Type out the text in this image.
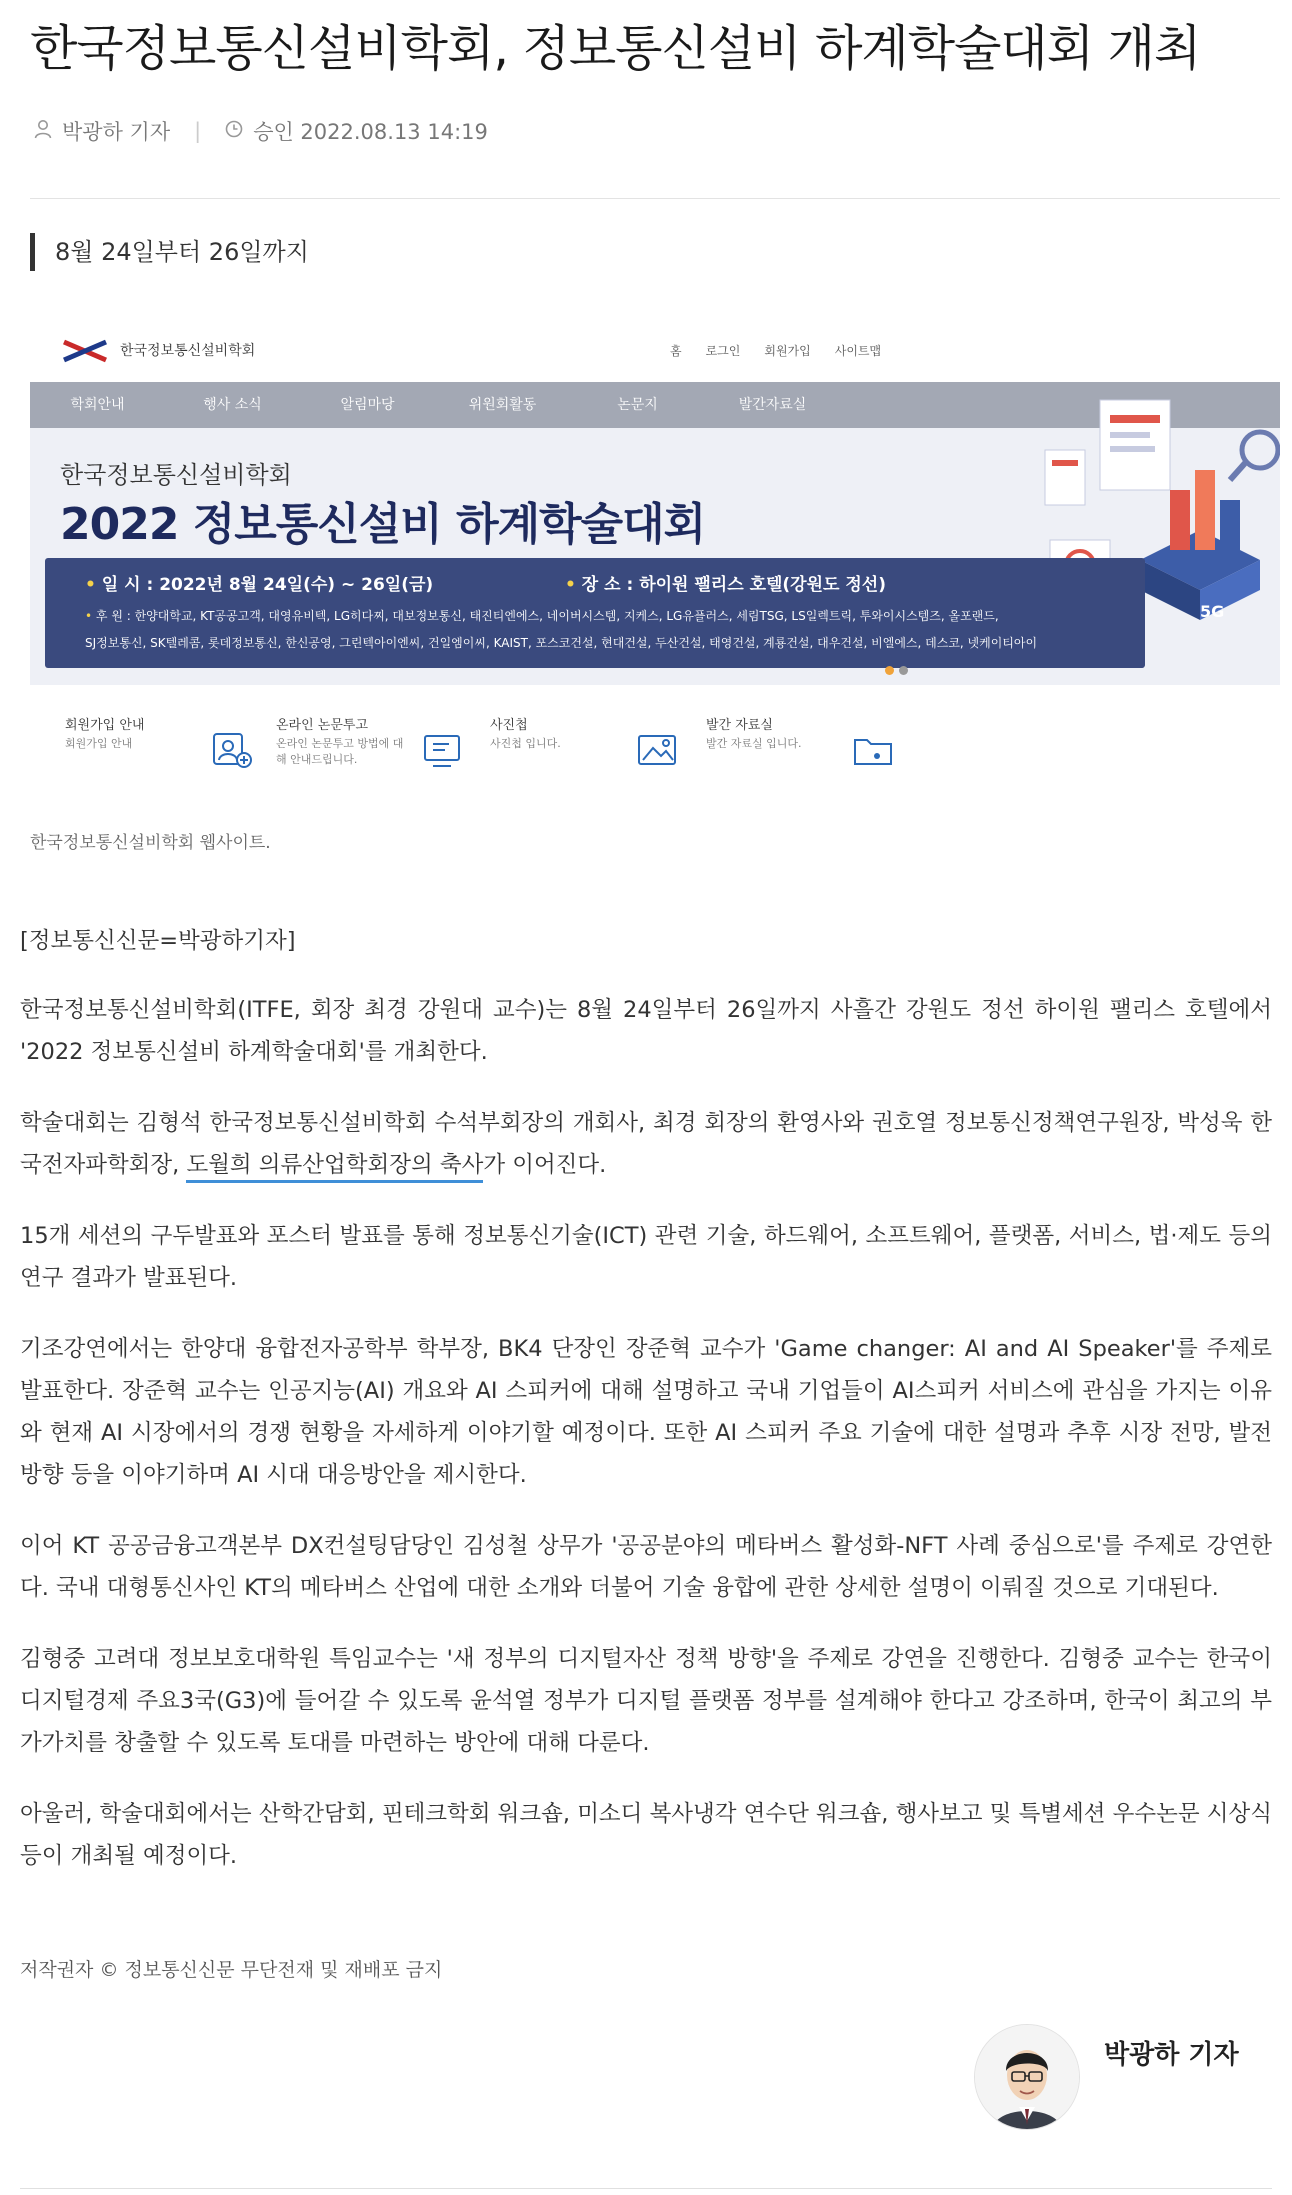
한국정보통신설비학회, 정보통신설비 하계학술대회 개최
박광하 기자 | 승인 2022.08.13 14:19
8월 24일부터 26일까지
한국정보통신설비학회	홈 로그인 회원가입 사이트맵
학회안내	행사 소식	알림마당	위원회활동	논문지	발간자료실
한국정보통신설비학회
2022 정보통신설비 하계학술대회
• 일 시 : 2022년 8월 24일(수) ~ 26일(금)	• 장 소 : 하이원 팰리스 호텔(강원도 정선)
• 후 원 : 한양대학교, KT공공고객, 대영유비텍, LG히다찌, 대보정보통신, 태진티엔에스, 네이버시스템, 지케스, LG유플러스, 세림TSG, LS일렉트릭, 투와이시스템즈, 올포랜드,
SJ정보통신, SK텔레콤, 롯데정보통신, 한신공영, 그린텍아이엔씨, 건일엠이씨, KAIST, 포스코건설, 현대건설, 두산건설, 태영건설, 계룡건설, 대우건설, 비엘에스, 데스코, 넷케이티아이
5G
회원가입 안내
회원가입 안내
온라인 논문투고
온라인 논문투고 방법에 대해 안내드립니다.
사진첩
사진첩 입니다.
발간 자료실
발간 자료실 입니다.
한국정보통신설비학회 웹사이트.

[정보통신신문=박광하기자]

한국정보통신설비학회(ITFE, 회장 최경 강원대 교수)는 8월 24일부터 26일까지 사흘간 강원도 정선 하이원 팰리스 호텔에서 '2022 정보통신설비 하계학술대회'를 개최한다.

학술대회는 김형석 한국정보통신설비학회 수석부회장의 개회사, 최경 회장의 환영사와 권호열 정보통신정책연구원장, 박성욱 한국전자파학회장, 도월희 의류산업학회장의 축사가 이어진다.

15개 세션의 구두발표와 포스터 발표를 통해 정보통신기술(ICT) 관련 기술, 하드웨어, 소프트웨어, 플랫폼, 서비스, 법·제도 등의 연구 결과가 발표된다.

기조강연에서는 한양대 융합전자공학부 학부장, BK4 단장인 장준혁 교수가 'Game changer: AI and AI Speaker'를 주제로 발표한다. 장준혁 교수는 인공지능(AI) 개요와 AI 스피커에 대해 설명하고 국내 기업들이 AI스피커 서비스에 관심을 가지는 이유와 현재 AI 시장에서의 경쟁 현황을 자세하게 이야기할 예정이다. 또한 AI 스피커 주요 기술에 대한 설명과 추후 시장 전망, 발전 방향 등을 이야기하며 AI 시대 대응방안을 제시한다.

이어 KT 공공금융고객본부 DX컨설팅담당인 김성철 상무가 '공공분야의 메타버스 활성화-NFT 사례 중심으로'를 주제로 강연한다. 국내 대형통신사인 KT의 메타버스 산업에 대한 소개와 더불어 기술 융합에 관한 상세한 설명이 이뤄질 것으로 기대된다.

김형중 고려대 정보보호대학원 특임교수는 '새 정부의 디지털자산 정책 방향'을 주제로 강연을 진행한다. 김형중 교수는 한국이 디지털경제 주요3국(G3)에 들어갈 수 있도록 윤석열 정부가 디지털 플랫폼 정부를 설계해야 한다고 강조하며, 한국이 최고의 부가가치를 창출할 수 있도록 토대를 마련하는 방안에 대해 다룬다.

아울러, 학술대회에서는 산학간담회, 핀테크학회 워크숍, 미소디 복사냉각 연수단 워크숍, 행사보고 및 특별세션 우수논문 시상식 등이 개최될 예정이다.

저작권자 © 정보통신신문 무단전재 및 재배포 금지
박광하 기자
